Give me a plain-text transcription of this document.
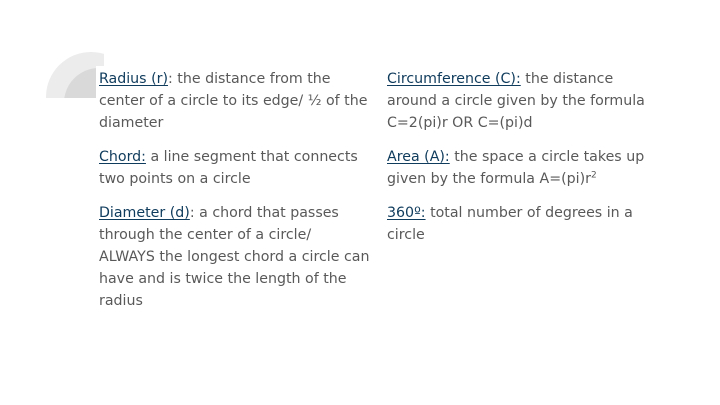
Radius (r): the distance from the center of a circle to its edge/ ½ of the diameter

Chord: a line segment that connects two points on a circle

Diameter (d): a chord that passes through the center of a circle/ ALWAYS the longest chord a circle can have and is twice the length of the radius

Circumference (C): the distance around a circle given by the formula C=2(pi)r OR C=(pi)d

Area (A): the space a circle takes up given by the formula $A=(pi)r^2$

360º: total number of degrees in a circle
